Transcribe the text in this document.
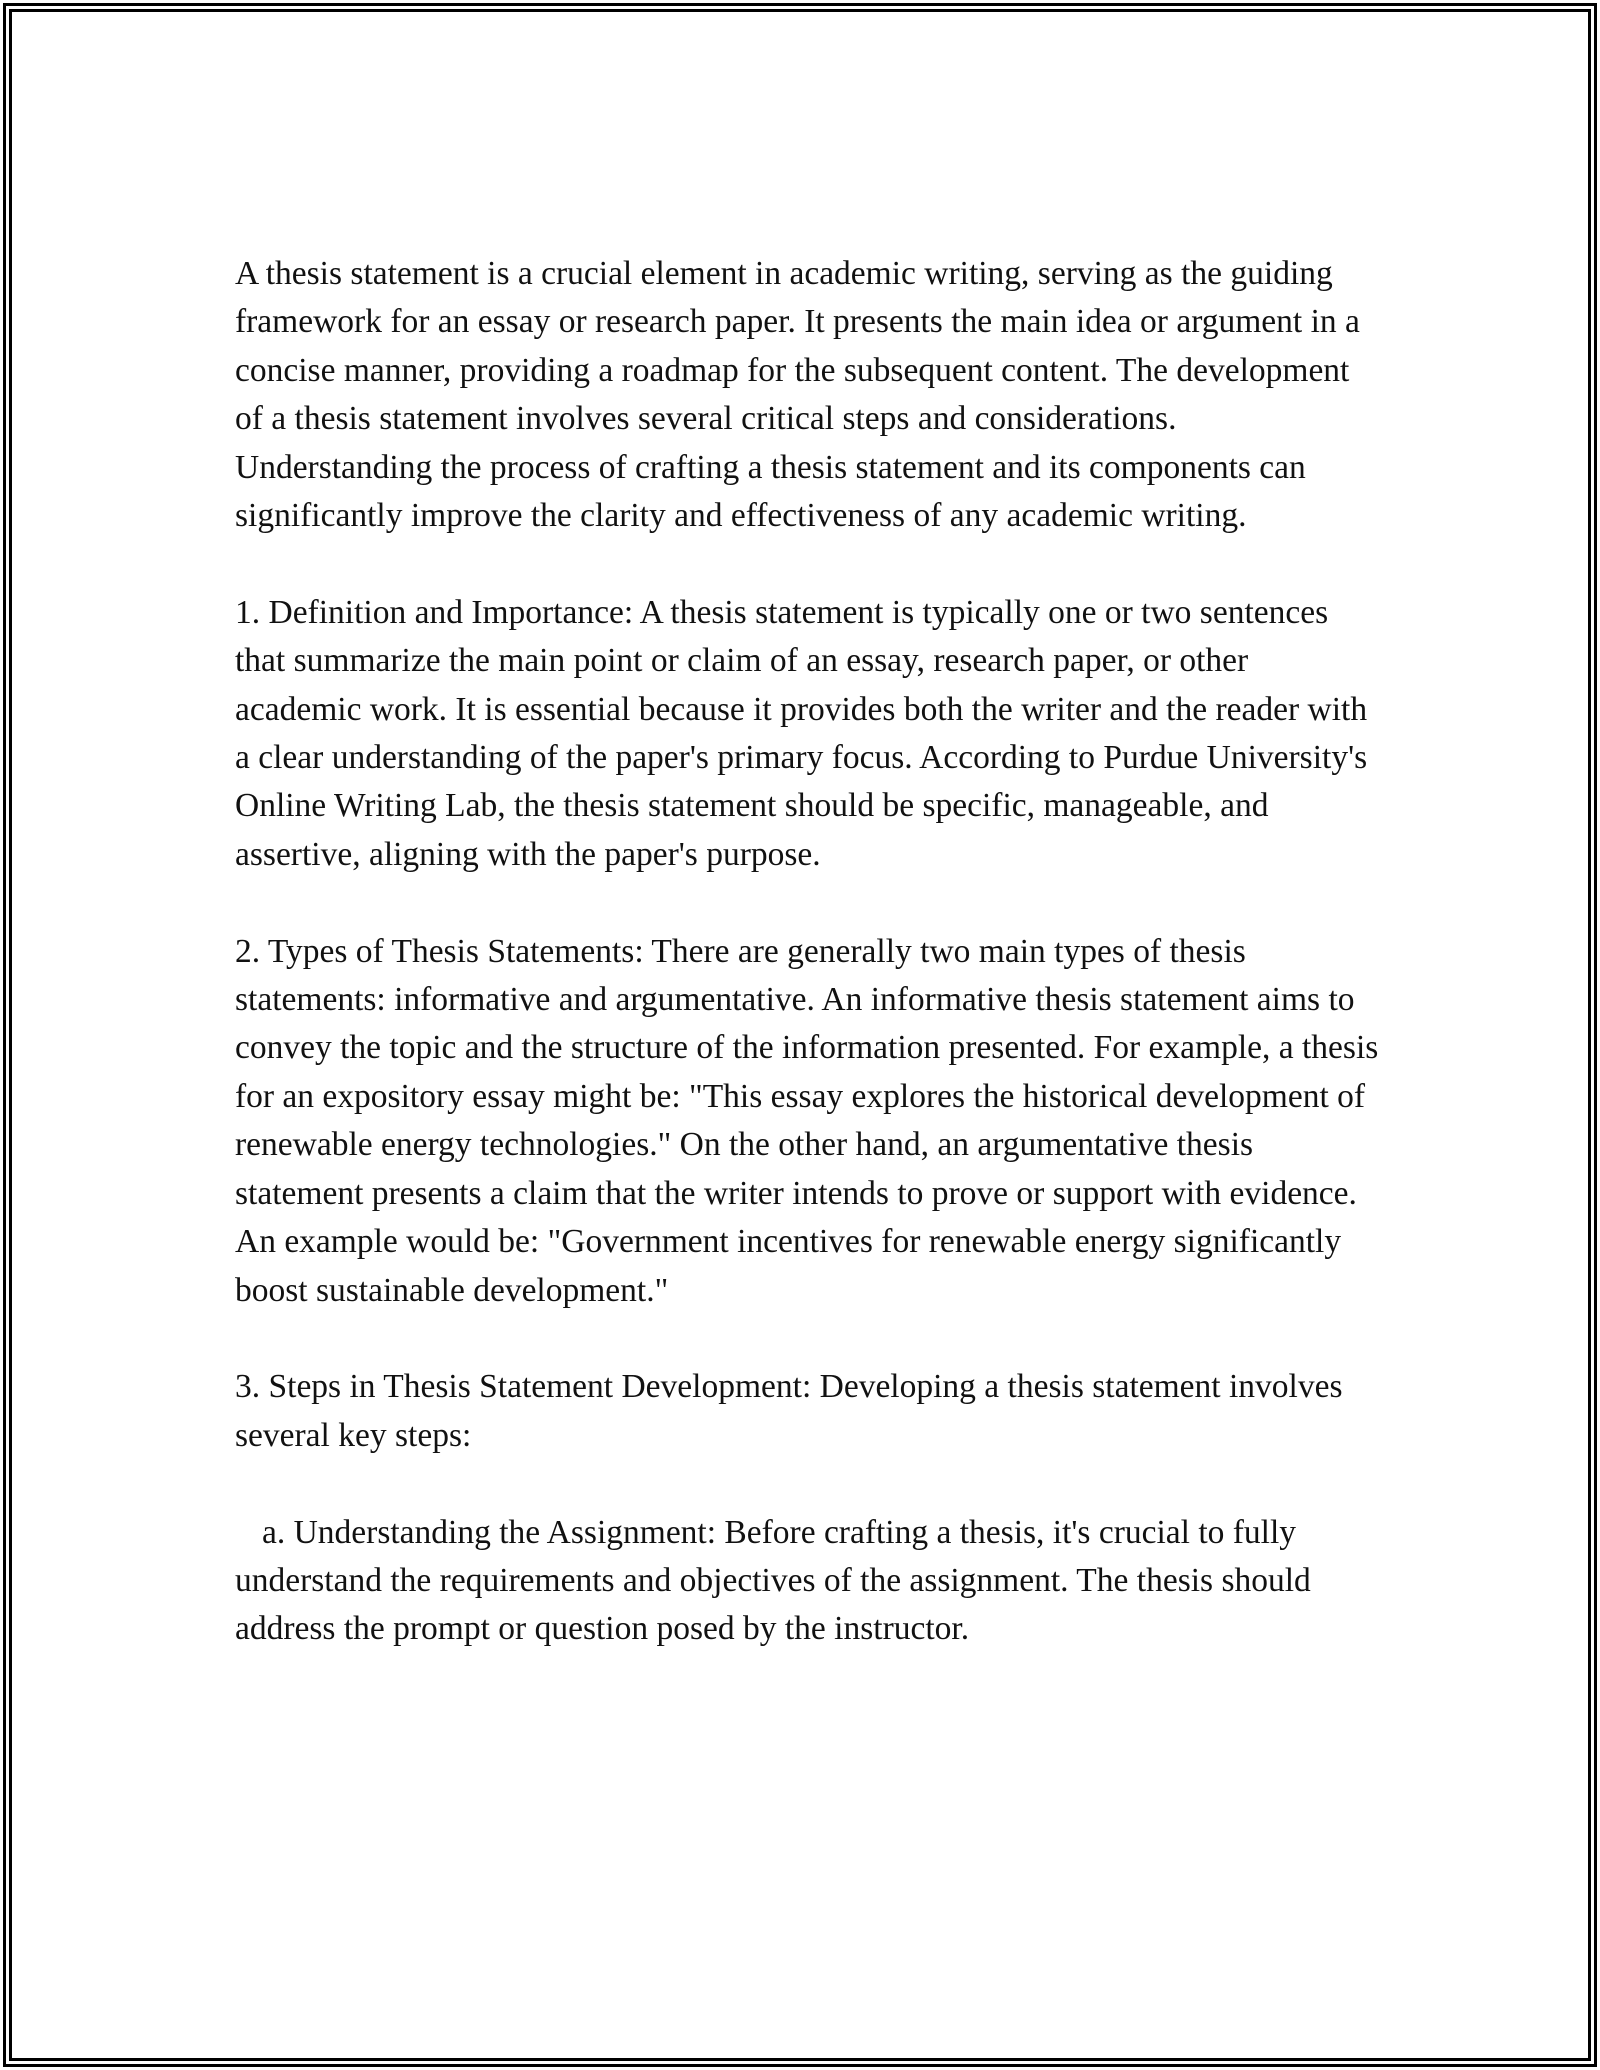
A thesis statement is a crucial element in academic writing, serving as the guiding framework for an essay or research paper. It presents the main idea or argument in a concise manner, providing a roadmap for the subsequent content. The development of a thesis statement involves several critical steps and considerations. Understanding the process of crafting a thesis statement and its components can significantly improve the clarity and effectiveness of any academic writing.

1. Definition and Importance: A thesis statement is typically one or two sentences that summarize the main point or claim of an essay, research paper, or other academic work. It is essential because it provides both the writer and the reader with a clear understanding of the paper's primary focus. According to Purdue University's Online Writing Lab, the thesis statement should be specific, manageable, and assertive, aligning with the paper's purpose.

2. Types of Thesis Statements: There are generally two main types of thesis statements: informative and argumentative. An informative thesis statement aims to convey the topic and the structure of the information presented. For example, a thesis for an expository essay might be: "This essay explores the historical development of renewable energy technologies." On the other hand, an argumentative thesis statement presents a claim that the writer intends to prove or support with evidence. An example would be: "Government incentives for renewable energy significantly boost sustainable development."

3. Steps in Thesis Statement Development: Developing a thesis statement involves several key steps:

a. Understanding the Assignment: Before crafting a thesis, it's crucial to fully understand the requirements and objectives of the assignment. The thesis should address the prompt or question posed by the instructor.
